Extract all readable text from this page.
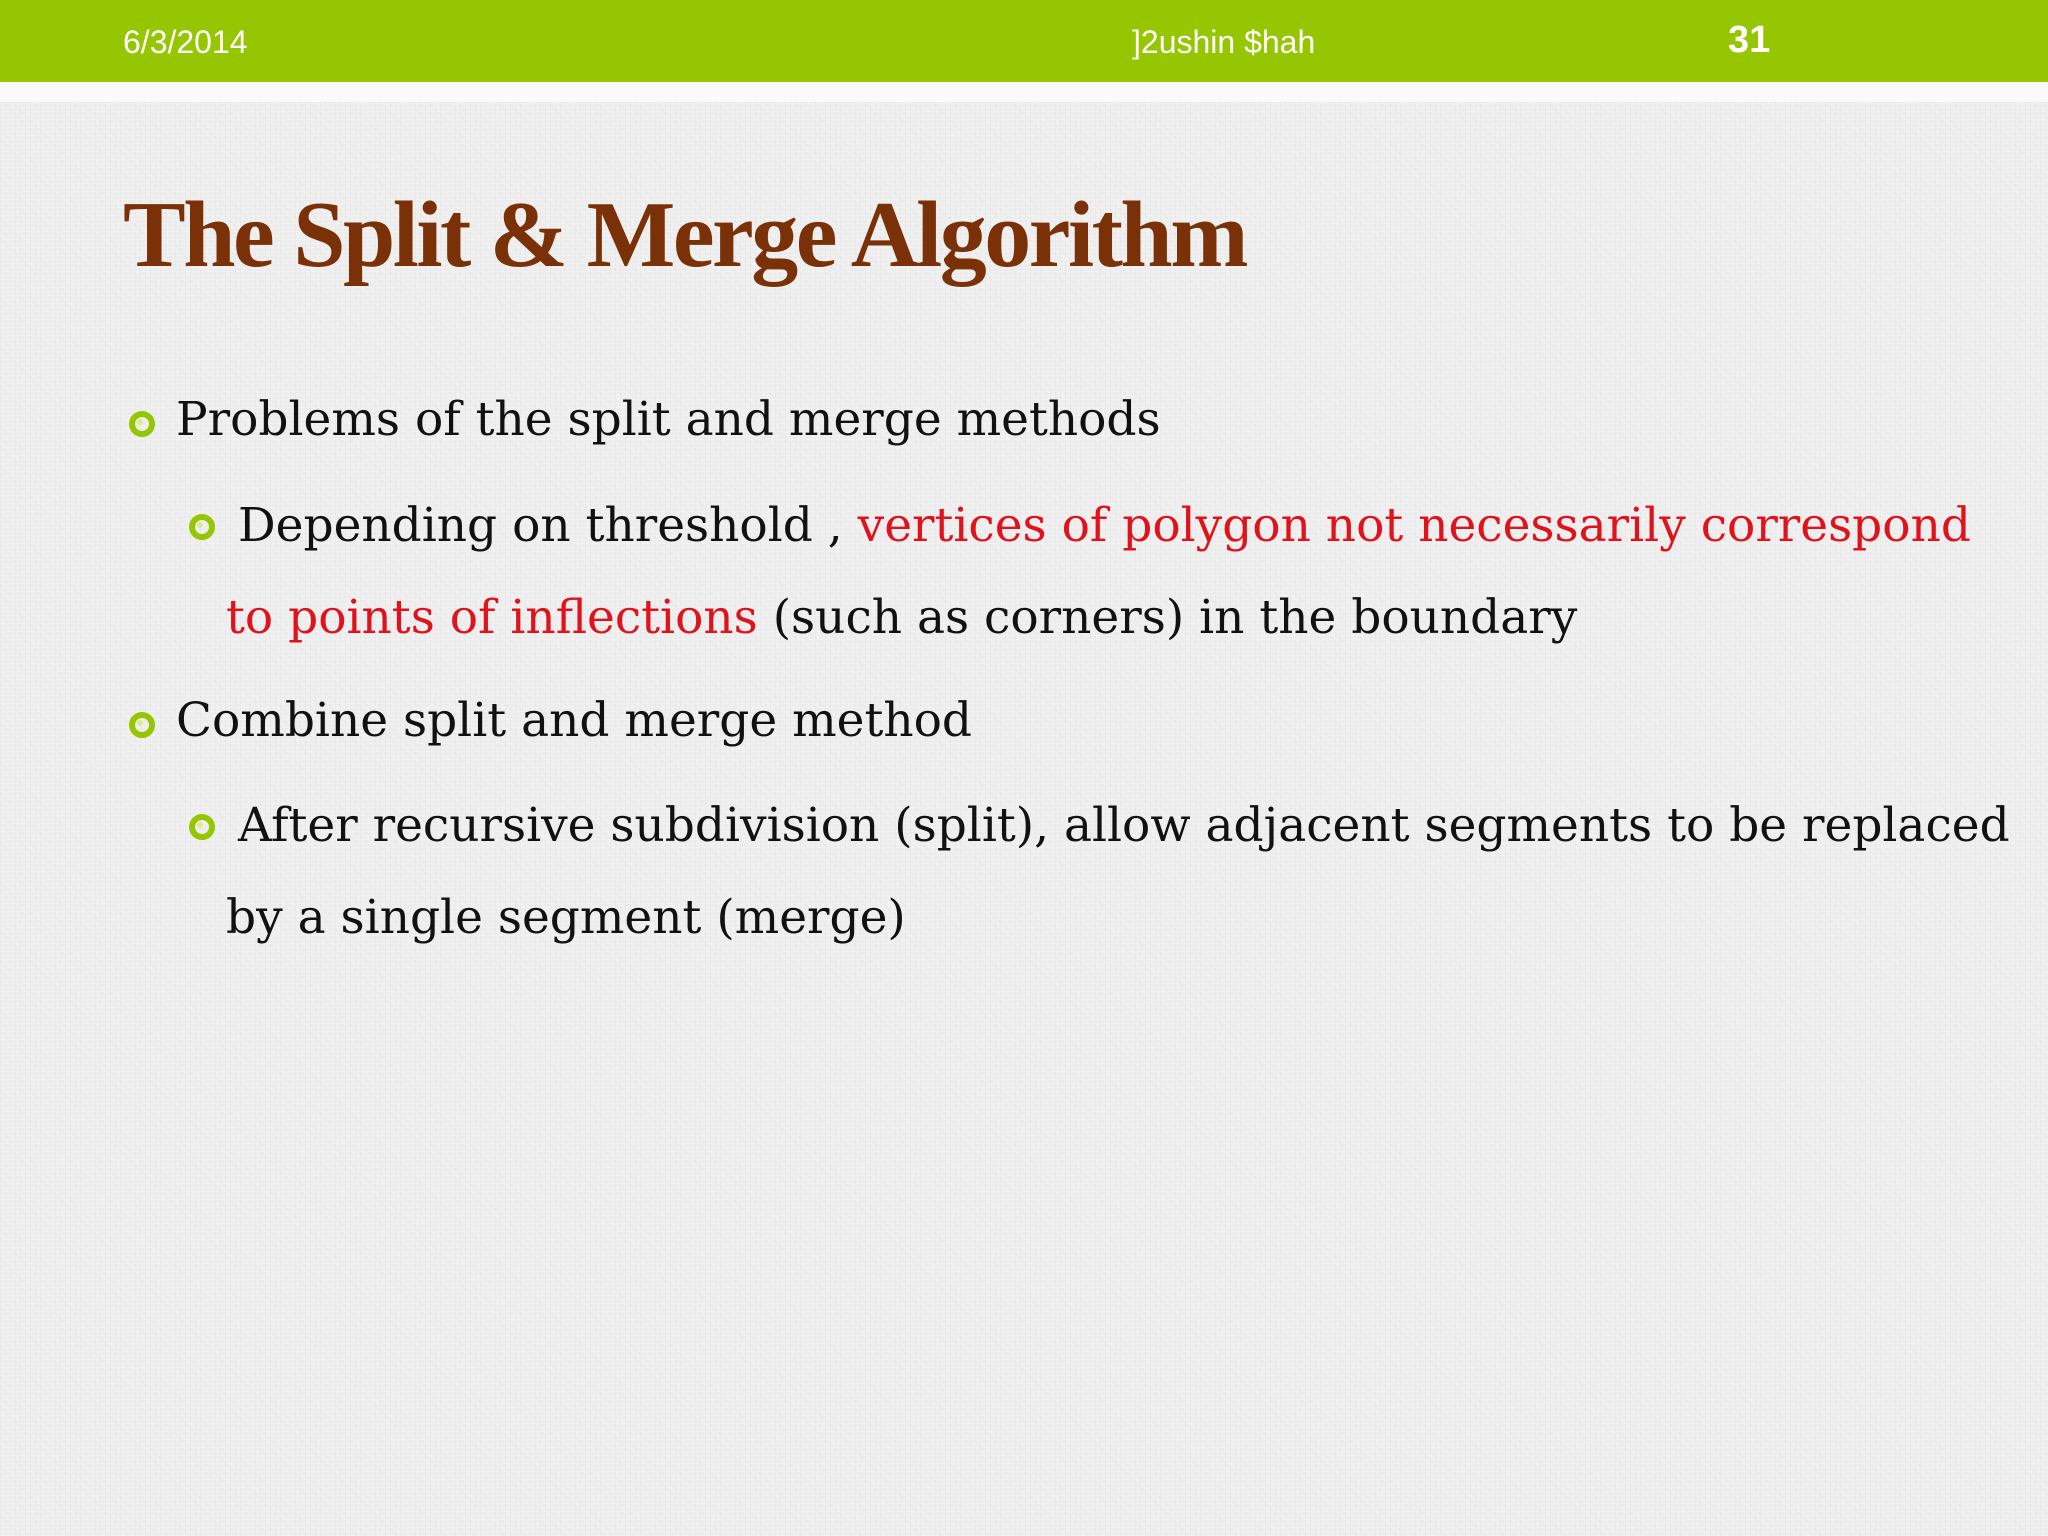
6/3/2014	]2ushin $hah	31
The Split & Merge Algorithm
Problems of the split and merge methods
Depending on threshold , vertices of polygon not necessarily correspond
to points of inflections (such as corners) in the boundary
Combine split and merge method
After recursive subdivision (split), allow adjacent segments to be replaced
by a single segment (merge)
